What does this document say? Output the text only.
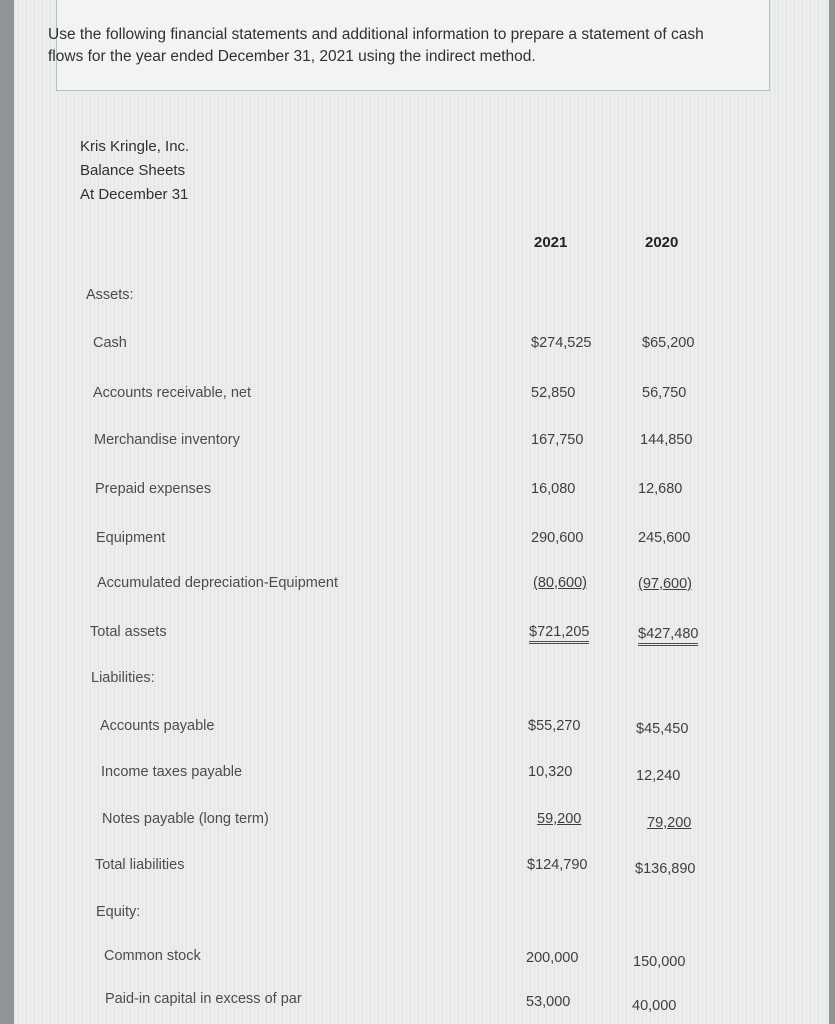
Use the following financial statements and additional information to prepare a statement of cash flows for the year ended December 31, 2021 using the indirect method.
Kris Kringle, Inc.
Balance Sheets
At December 31
2021	2020
Assets:
Cash	$274,525	$65,200
Accounts receivable, net	52,850	56,750
Merchandise inventory	167,750	144,850
Prepaid expenses	16,080	12,680
Equipment	290,600	245,600
Accumulated depreciation-Equipment	(80,600)	(97,600)
Total assets	$721,205	$427,480
Liabilities:
Accounts payable	$55,270	$45,450
Income taxes payable	10,320	12,240
Notes payable (long term)	59,200	79,200
Total liabilities	$124,790	$136,890
Equity:
Common stock	200,000	150,000
Paid-in capital in excess of par	53,000	40,000
